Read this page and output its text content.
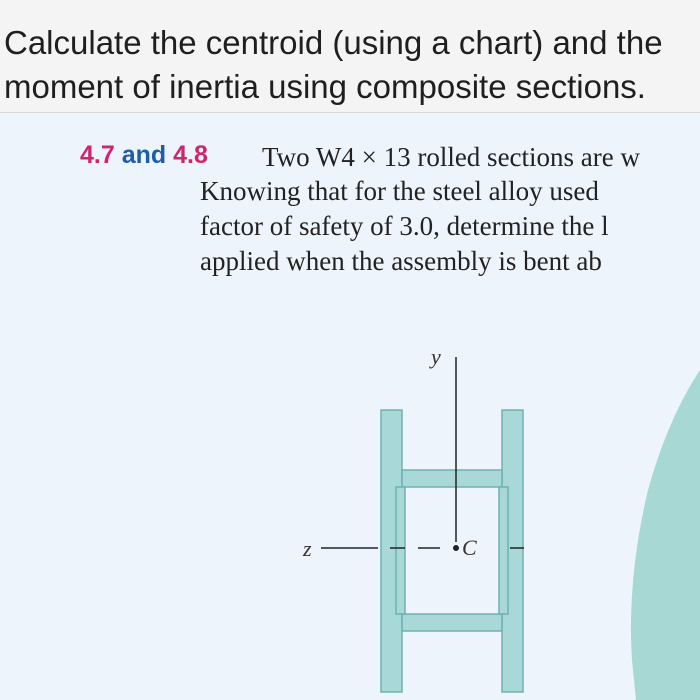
Calculate the centroid (using a chart) and the
moment of inertia using composite sections.
4.7 and 4.8 Two W4 × 13 rolled sections are w
Knowing that for the steel alloy used
factor of safety of 3.0, determine the l
applied when the assembly is bent ab
y
z	C
